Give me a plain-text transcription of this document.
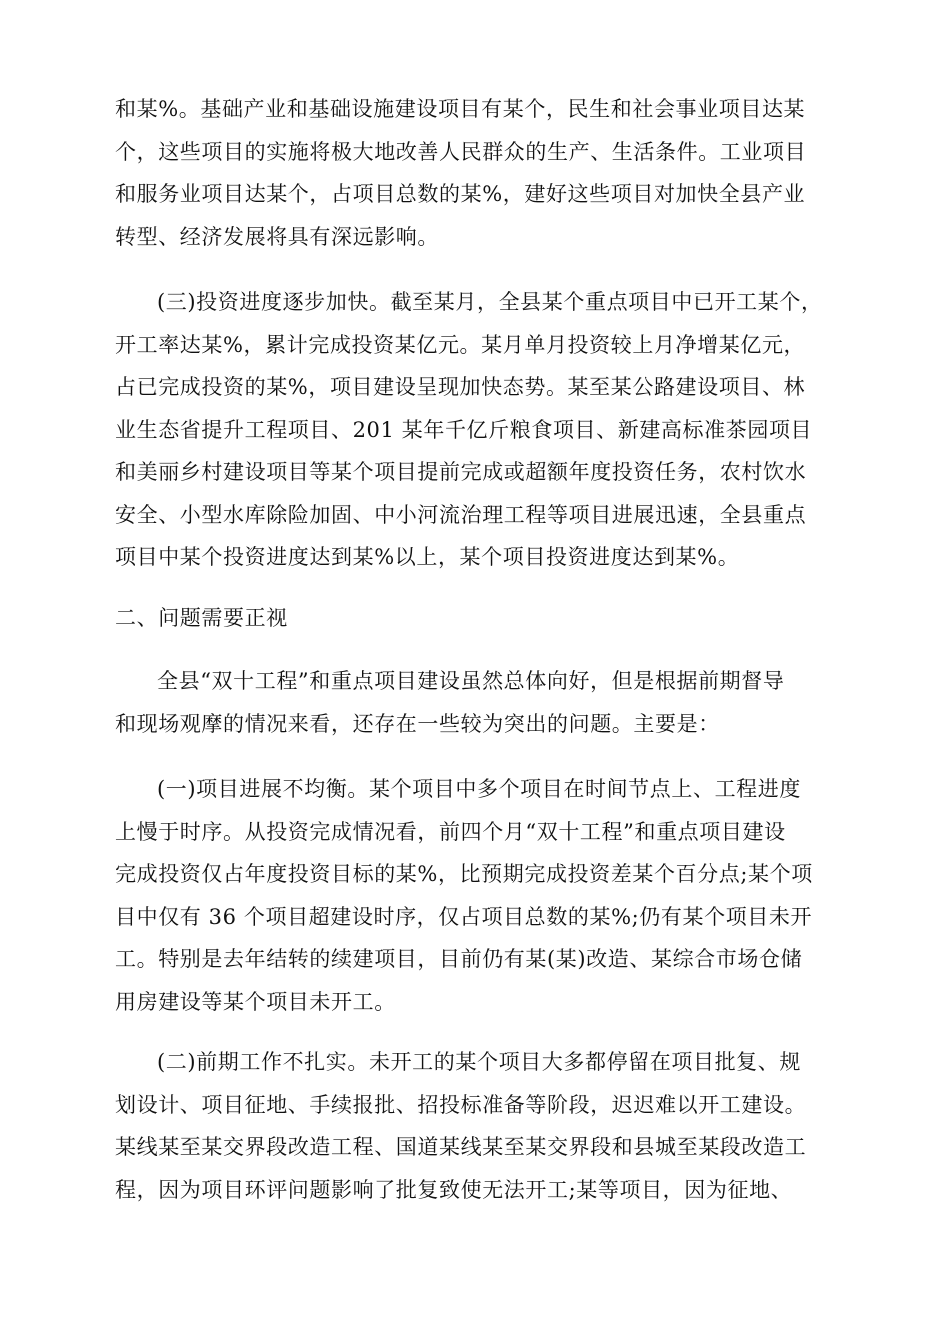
和某%。基础产业和基础设施建设项目有某个，民生和社会事业项目达某
个，这些项目的实施将极大地改善人民群众的生产、生活条件。工业项目
和服务业项目达某个，占项目总数的某%，建好这些项目对加快全县产业
转型、经济发展将具有深远影响。

(三)投资进度逐步加快。截至某月，全县某个重点项目中已开工某个，
开工率达某%，累计完成投资某亿元。某月单月投资较上月净增某亿元，
占已完成投资的某%，项目建设呈现加快态势。某至某公路建设项目、林
业生态省提升工程项目、201 某年千亿斤粮食项目、新建高标准茶园项目
和美丽乡村建设项目等某个项目提前完成或超额年度投资任务，农村饮水
安全、小型水库除险加固、中小河流治理工程等项目进展迅速，全县重点
项目中某个投资进度达到某%以上，某个项目投资进度达到某%。

二、问题需要正视

全县“双十工程”和重点项目建设虽然总体向好，但是根据前期督导
和现场观摩的情况来看，还存在一些较为突出的问题。主要是：

(一)项目进展不均衡。某个项目中多个项目在时间节点上、工程进度
上慢于时序。从投资完成情况看，前四个月“双十工程”和重点项目建设
完成投资仅占年度投资目标的某%，比预期完成投资差某个百分点;某个项
目中仅有 36 个项目超建设时序，仅占项目总数的某%;仍有某个项目未开
工。特别是去年结转的续建项目，目前仍有某(某)改造、某综合市场仓储
用房建设等某个项目未开工。

(二)前期工作不扎实。未开工的某个项目大多都停留在项目批复、规
划设计、项目征地、手续报批、招投标准备等阶段，迟迟难以开工建设。
某线某至某交界段改造工程、国道某线某至某交界段和县城至某段改造工
程，因为项目环评问题影响了批复致使无法开工;某等项目，因为征地、
